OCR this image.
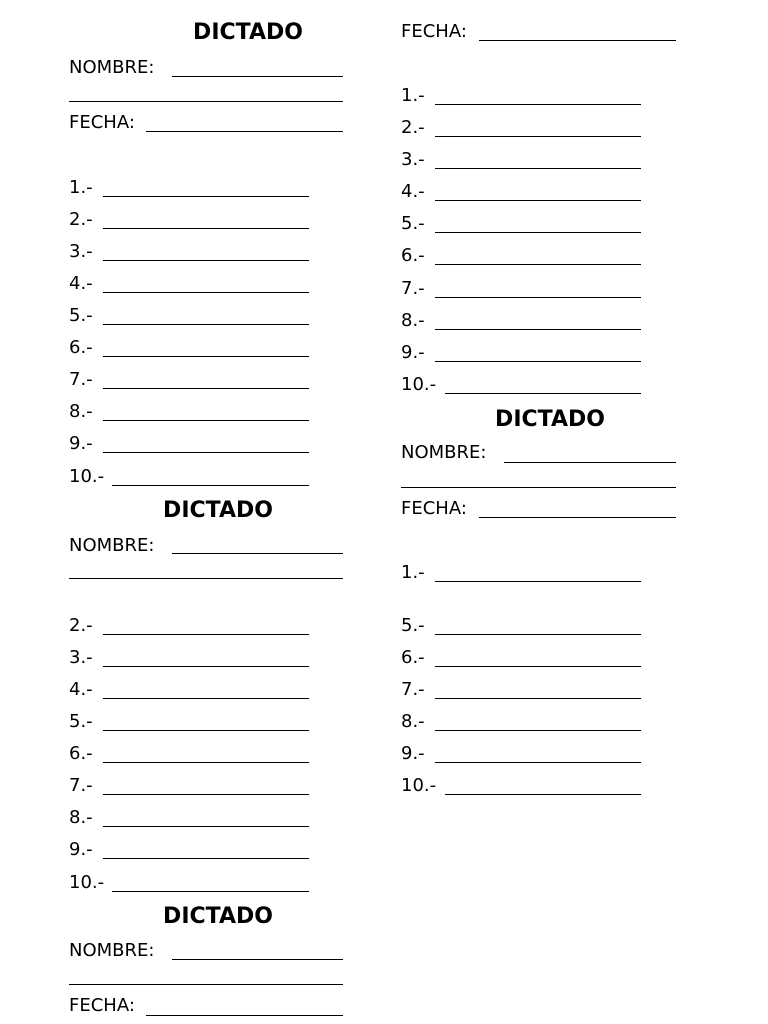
DICTADO
NOMBRE:
FECHA:
1.-
2.-
3.-
4.-
5.-
6.-
7.-
8.-
9.-
10.-
DICTADO
NOMBRE:
2.-
3.-
4.-
5.-
6.-
7.-
8.-
9.-
10.-
DICTADO
NOMBRE:
FECHA:
FECHA:
1.-
2.-
3.-
4.-
5.-
6.-
7.-
8.-
9.-
10.-
DICTADO
NOMBRE:
FECHA:
1.-
5.-
6.-
7.-
8.-
9.-
10.-
